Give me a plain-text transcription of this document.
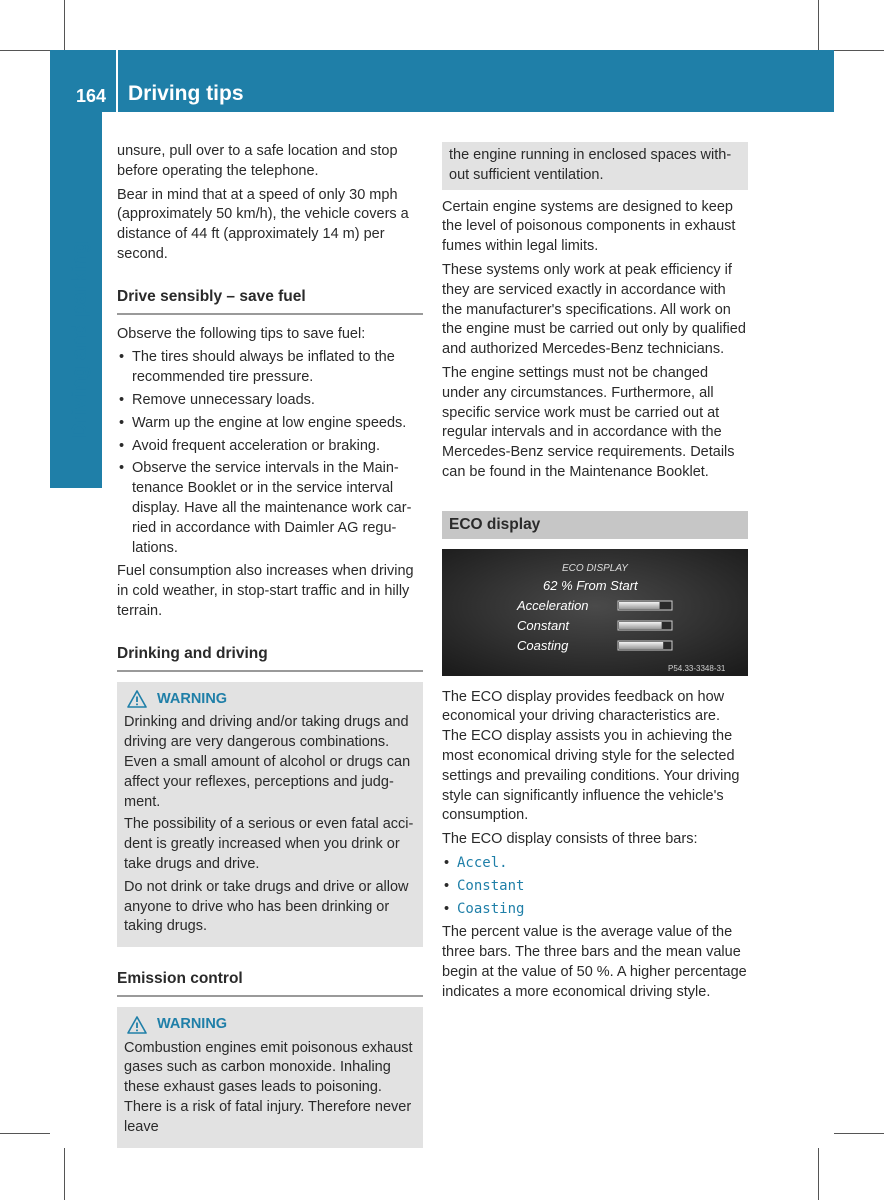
164 Driving tips
Driving and parking

unsure, pull over to a safe location and stop before operating the telephone.

Bear in mind that at a speed of only 30 mph (approximately 50 km/h), the vehicle covers a distance of 44 ft (approximately 14 m) per second.

Drive sensibly – save fuel

Observe the following tips to save fuel:

• The tires should always be inflated to the recommended tire pressure.
• Remove unnecessary loads.
• Warm up the engine at low engine speeds.
• Avoid frequent acceleration or braking.
• Observe the service intervals in the Maintenance Booklet or in the service interval display. Have all the maintenance work carried in accordance with Daimler AG regulations.

Fuel consumption also increases when driving in cold weather, in stop-start traffic and in hilly terrain.

Drinking and driving
WARNING

Drinking and driving and/or taking drugs and driving are very dangerous combinations. Even a small amount of alcohol or drugs can affect your reflexes, perceptions and judgment.

The possibility of a serious or even fatal accident is greatly increased when you drink or take drugs and drive.

Do not drink or take drugs and drive or allow anyone to drive who has been drinking or taking drugs.

Emission control
WARNING

Combustion engines emit poisonous exhaust gases such as carbon monoxide. Inhaling these exhaust gases leads to poisoning. There is a risk of fatal injury. Therefore never leave

the engine running in enclosed spaces without sufficient ventilation.

Certain engine systems are designed to keep the level of poisonous components in exhaust fumes within legal limits.

These systems only work at peak efficiency if they are serviced exactly in accordance with the manufacturer's specifications. All work on the engine must be carried out only by qualified and authorized Mercedes-Benz technicians.

The engine settings must not be changed under any circumstances. Furthermore, all specific service work must be carried out at regular intervals and in accordance with the Mercedes-Benz service requirements. Details can be found in the Maintenance Booklet.

ECO display
ECO DISPLAY
62 % From Start
Acceleration
Constant
Coasting
P54.33-3348-31

The ECO display provides feedback on how economical your driving characteristics are. The ECO display assists you in achieving the most economical driving style for the selected settings and prevailing conditions. Your driving style can significantly influence the vehicle's consumption.

The ECO display consists of three bars:

• Accel.
• Constant
• Coasting

The percent value is the average value of the three bars. The three bars and the mean value begin at the value of 50 %. A higher percentage indicates a more economical driving style.
